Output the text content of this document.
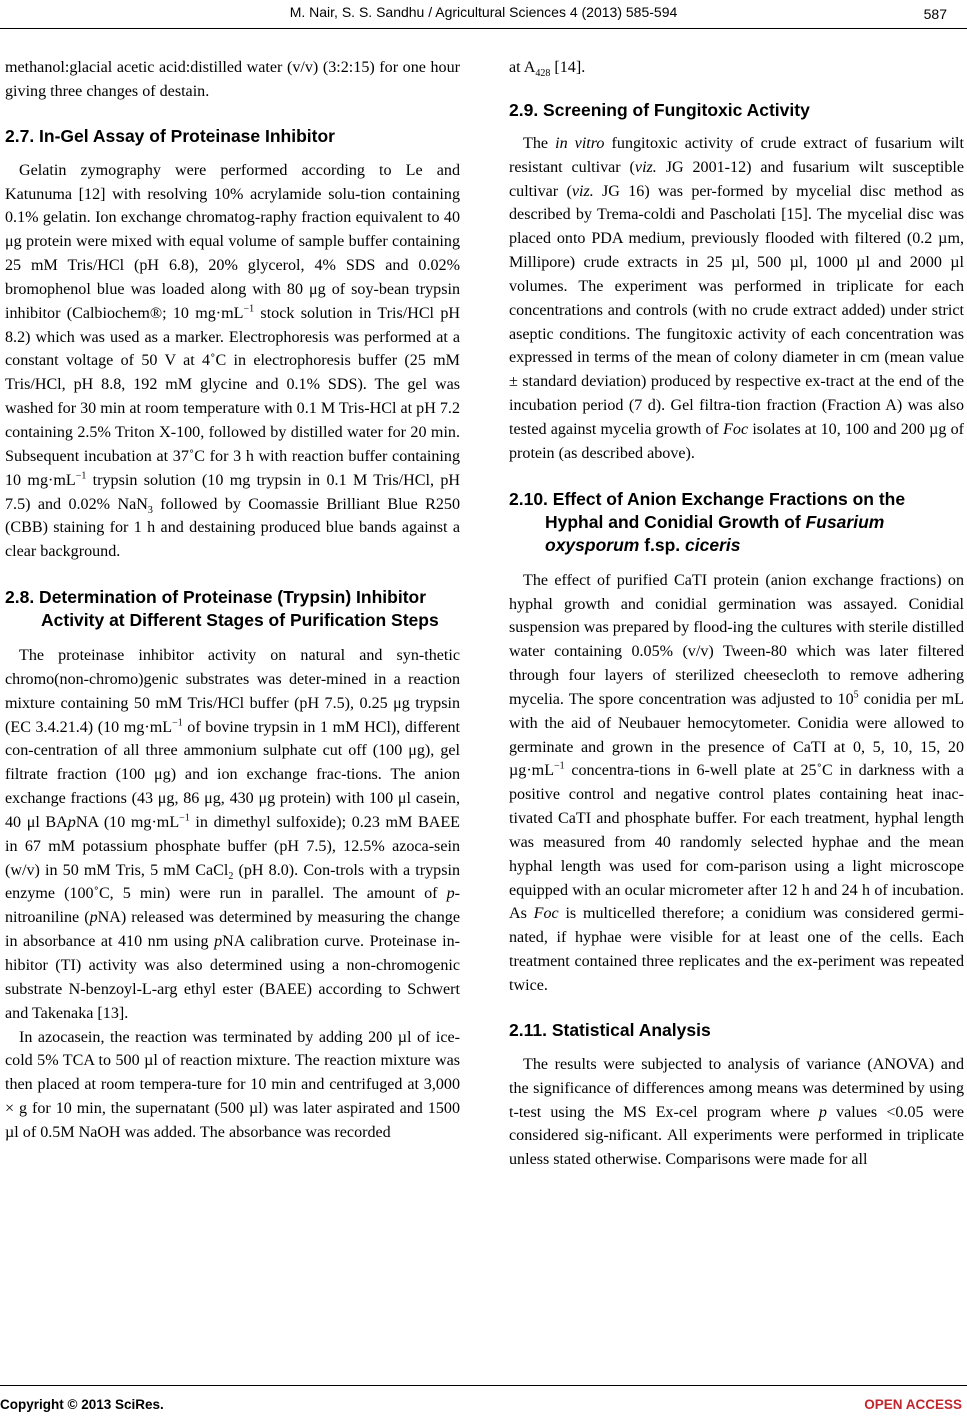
M. Nair, S. S. Sandhu / Agricultural Sciences 4 (2013) 585-594	587

methanol:glacial acetic acid:distilled water (v/v) (3:2:15) for one hour giving three changes of destain.

2.7. In-Gel Assay of Proteinase Inhibitor

Gelatin zymography were performed according to Le and Katunuma [12] with resolving 10% acrylamide solu-tion containing 0.1% gelatin. Ion exchange chromatog-raphy fraction equivalent to 40 μg protein were mixed with equal volume of sample buffer containing 25 mM Tris/HCl (pH 6.8), 20% glycerol, 4% SDS and 0.02% bromophenol blue was loaded along with 80 μg of soy-bean trypsin inhibitor (Calbiochem®; 10 $mg\cdot mL^{-1}$ stock solution in Tris/HCl pH 8.2) which was used as a marker. Electrophoresis was performed at a constant voltage of 50 V at 4˚C in electrophoresis buffer (25 mM Tris/HCl, pH 8.8, 192 mM glycine and 0.1% SDS). The gel was washed for 30 min at room temperature with 0.1 M Tris-HCl at pH 7.2 containing 2.5% Triton X-100, followed by distilled water for 20 min. Subsequent incubation at 37˚C for 3 h with reaction buffer containing 10 $mg\cdot mL^{-1}$ trypsin solution (10 mg trypsin in 0.1 M Tris/HCl, pH 7.5) and 0.02% NaN$_3$ followed by Coomassie Brilliant Blue R250 (CBB) staining for 1 h and destaining produced blue bands against a clear background.

2.8. Determination of Proteinase (Trypsin) Inhibitor Activity at Different Stages of Purification Steps

The proteinase inhibitor activity on natural and syn-thetic chromo(non-chromo)genic substrates was deter-mined in a reaction mixture containing 50 mM Tris/HCl buffer (pH 7.5), 0.25 μg trypsin (EC 3.4.21.4) (10 $mg\cdot mL^{-1}$ of bovine trypsin in 1 mM HCl), different con-centration of all three ammonium sulphate cut off (100 μg), gel filtrate fraction (100 μg) and ion exchange frac-tions. The anion exchange fractions (43 μg, 86 μg, 430 μg protein) with 100 μl casein, 40 μl BApNA (10 $mg\cdot mL^{-1}$ in dimethyl sulfoxide); 0.23 mM BAEE in 67 mM potassium phosphate buffer (pH 7.5), 12.5% azoca-sein (w/v) in 50 mM Tris, 5 mM CaCl$_2$ (pH 8.0). Con-trols with a trypsin enzyme (100˚C, 5 min) were run in parallel. The amount of p-nitroaniline (pNA) released was determined by measuring the change in absorbance at 410 nm using pNA calibration curve. Proteinase in-hibitor (TI) activity was also determined using a non-chromogenic substrate N-benzoyl-L-arg ethyl ester (BAEE) according to Schwert and Takenaka [13].

In azocasein, the reaction was terminated by adding 200 µl of ice-cold 5% TCA to 500 µl of reaction mixture. The reaction mixture was then placed at room tempera-ture for 10 min and centrifuged at 3,000 × g for 10 min, the supernatant (500 µl) was later aspirated and 1500 µl of 0.5M NaOH was added. The absorbance was recorded

at $A_{428}$ [14].

2.9. Screening of Fungitoxic Activity

The in vitro fungitoxic activity of crude extract of fusarium wilt resistant cultivar (viz. JG 2001-12) and fusarium wilt susceptible cultivar (viz. JG 16) was per-formed by mycelial disc method as described by Trema-coldi and Pascholati [15]. The mycelial disc was placed onto PDA medium, previously flooded with filtered (0.2 µm, Millipore) crude extracts in 25 µl, 500 µl, 1000 µl and 2000 µl volumes. The experiment was performed in triplicate for each concentrations and controls (with no crude extract added) under strict aseptic conditions. The fungitoxic activity of each concentration was expressed in terms of the mean of colony diameter in cm (mean value ± standard deviation) produced by respective ex-tract at the end of the incubation period (7 d). Gel filtra-tion fraction (Fraction A) was also tested against mycelia growth of Foc isolates at 10, 100 and 200 µg of protein (as described above).

2.10. Effect of Anion Exchange Fractions on the Hyphal and Conidial Growth of Fusarium oxysporum f.sp. ciceris

The effect of purified CaTI protein (anion exchange fractions) on hyphal growth and conidial germination was assayed. Conidial suspension was prepared by flood-ing the cultures with sterile distilled water containing 0.05% (v/v) Tween-80 which was later filtered through four layers of sterilized cheesecloth to remove adhering mycelia. The spore concentration was adjusted to $10^5$ conidia per mL with the aid of Neubauer hemocytometer. Conidia were allowed to germinate and grown in the presence of CaTI at 0, 5, 10, 15, 20 $\mu g\cdot mL^{-1}$ concentra-tions in 6-well plate at 25˚C in darkness with a positive control and negative control plates containing heat inac-tivated CaTI and phosphate buffer. For each treatment, hyphal length was measured from 40 randomly selected hyphae and the mean hyphal length was used for com-parison using a light microscope equipped with an ocular micrometer after 12 h and 24 h of incubation. As Foc is multicelled therefore; a conidium was considered germi-nated, if hyphae were visible for at least one of the cells. Each treatment contained three replicates and the ex-periment was repeated twice.

2.11. Statistical Analysis

The results were subjected to analysis of variance (ANOVA) and the significance of differences among means was determined by using t-test using the MS Ex-cel program where p values <0.05 were considered sig-nificant. All experiments were performed in triplicate unless stated otherwise. Comparisons were made for all

Copyright © 2013 SciRes.	OPEN ACCESS
